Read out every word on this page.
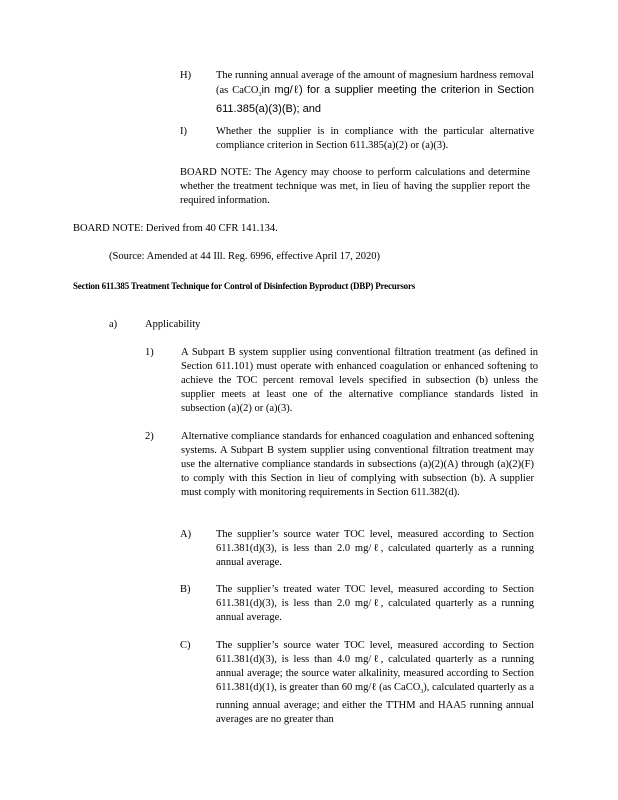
H) The running annual average of the amount of magnesium hardness removal (as CaCO$_3$in mg/ℓ) for a supplier meeting the criterion in Section 611.385(a)(3)(B); and
I)	Whether the supplier is in compliance with the particular alternative compliance criterion in Section 611.385(a)(2) or (a)(3).
BOARD NOTE: The Agency may choose to perform calculations and determine whether the treatment technique was met, in lieu of having the supplier report the required information.
BOARD NOTE: Derived from 40 CFR 141.134.
(Source: Amended at 44 Ill. Reg. 6996, effective April 17, 2020)
Section 611.385 Treatment Technique for Control of Disinfection Byproduct (DBP) Precursors
a)	Applicability
1)	A Subpart B system supplier using conventional filtration treatment (as defined in Section 611.101) must operate with enhanced coagulation or enhanced softening to achieve the TOC percent removal levels specified in subsection (b) unless the supplier meets at least one of the alternative compliance standards listed in subsection (a)(2) or (a)(3).
2)	Alternative compliance standards for enhanced coagulation and enhanced softening systems. A Subpart B system supplier using conventional filtration treatment may use the alternative compliance standards in subsections (a)(2)(A) through (a)(2)(F) to comply with this Section in lieu of complying with subsection (b). A supplier must comply with monitoring requirements in Section 611.382(d).
A) The supplier’s source water TOC level, measured according to Section 611.381(d)(3), is less than 2.0 mg/ℓ, calculated quarterly as a running annual average.
B) The supplier’s treated water TOC level, measured according to Section 611.381(d)(3), is less than 2.0 mg/ℓ, calculated quarterly as a running annual average.
C) The supplier’s source water TOC level, measured according to Section 611.381(d)(3), is less than 4.0 mg/ℓ, calculated quarterly as a running annual average; the source water alkalinity, measured according to Section 611.381(d)(1), is greater than 60 mg/ℓ (as CaCO$_3$), calculated quarterly as a running annual average; and either the TTHM and HAA5 running annual averages are no greater than
